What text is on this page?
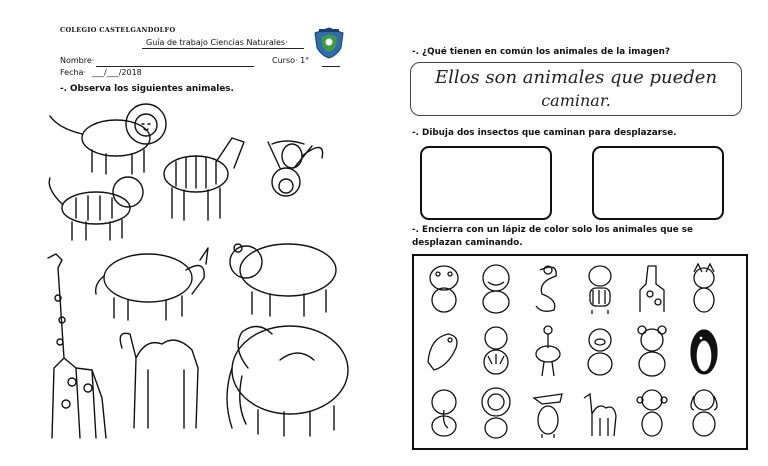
COLEGIO CASTELGANDOLFO
Guía de trabajo Ciencias Naturales·
Nombre·	Curso· 1°
Fecha· ___/___/2018
-. Observa los siguientes animales.
-. ¿Qué tienen en común los animales de la imagen?
Ellos son animales que pueden
caminar.
-. Dibuja dos insectos que caminan para desplazarse.
-. Encierra con un lápiz de color solo los animales que se
desplazan caminando.
